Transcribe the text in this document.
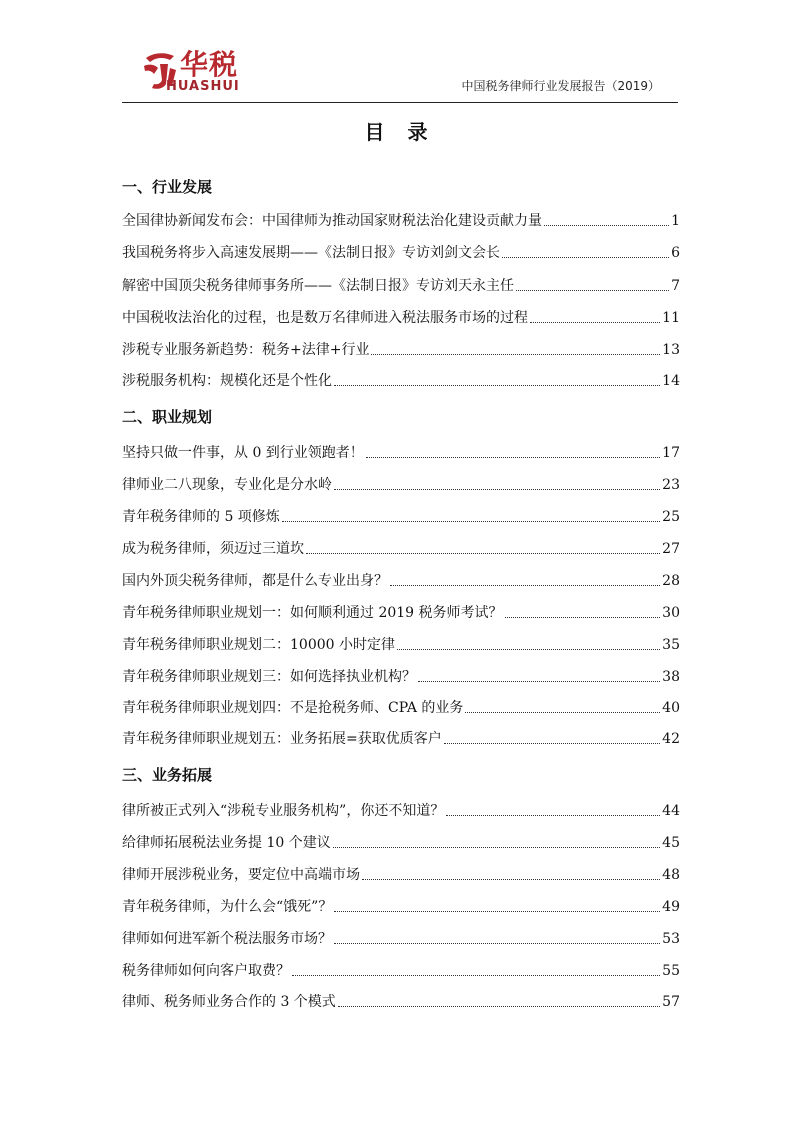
华税
HUASHUI	中国税务律师行业发展报告（2019）
目 录
一、行业发展
全国律协新闻发布会：中国律师为推动国家财税法治化建设贡献力量	1
我国税务将步入高速发展期——《法制日报》专访刘剑文会长	6
解密中国顶尖税务律师事务所——《法制日报》专访刘天永主任	7
中国税收法治化的过程，也是数万名律师进入税法服务市场的过程	11
涉税专业服务新趋势：税务+法律+行业	13
涉税服务机构：规模化还是个性化	14
二、职业规划
坚持只做一件事，从 0 到行业领跑者！	17
律师业二八现象，专业化是分水岭	23
青年税务律师的 5 项修炼	25
成为税务律师，须迈过三道坎	27
国内外顶尖税务律师，都是什么专业出身？	28
青年税务律师职业规划一：如何顺利通过 2019 税务师考试？	30
青年税务律师职业规划二：10000 小时定律	35
青年税务律师职业规划三：如何选择执业机构？	38
青年税务律师职业规划四：不是抢税务师、CPA 的业务	40
青年税务律师职业规划五：业务拓展=获取优质客户	42
三、业务拓展
律所被正式列入“涉税专业服务机构”，你还不知道？	44
给律师拓展税法业务提 10 个建议	45
律师开展涉税业务，要定位中高端市场	48
青年税务律师，为什么会“饿死”？	49
律师如何进军新个税法服务市场？	53
税务律师如何向客户取费？	55
律师、税务师业务合作的 3 个模式	57
